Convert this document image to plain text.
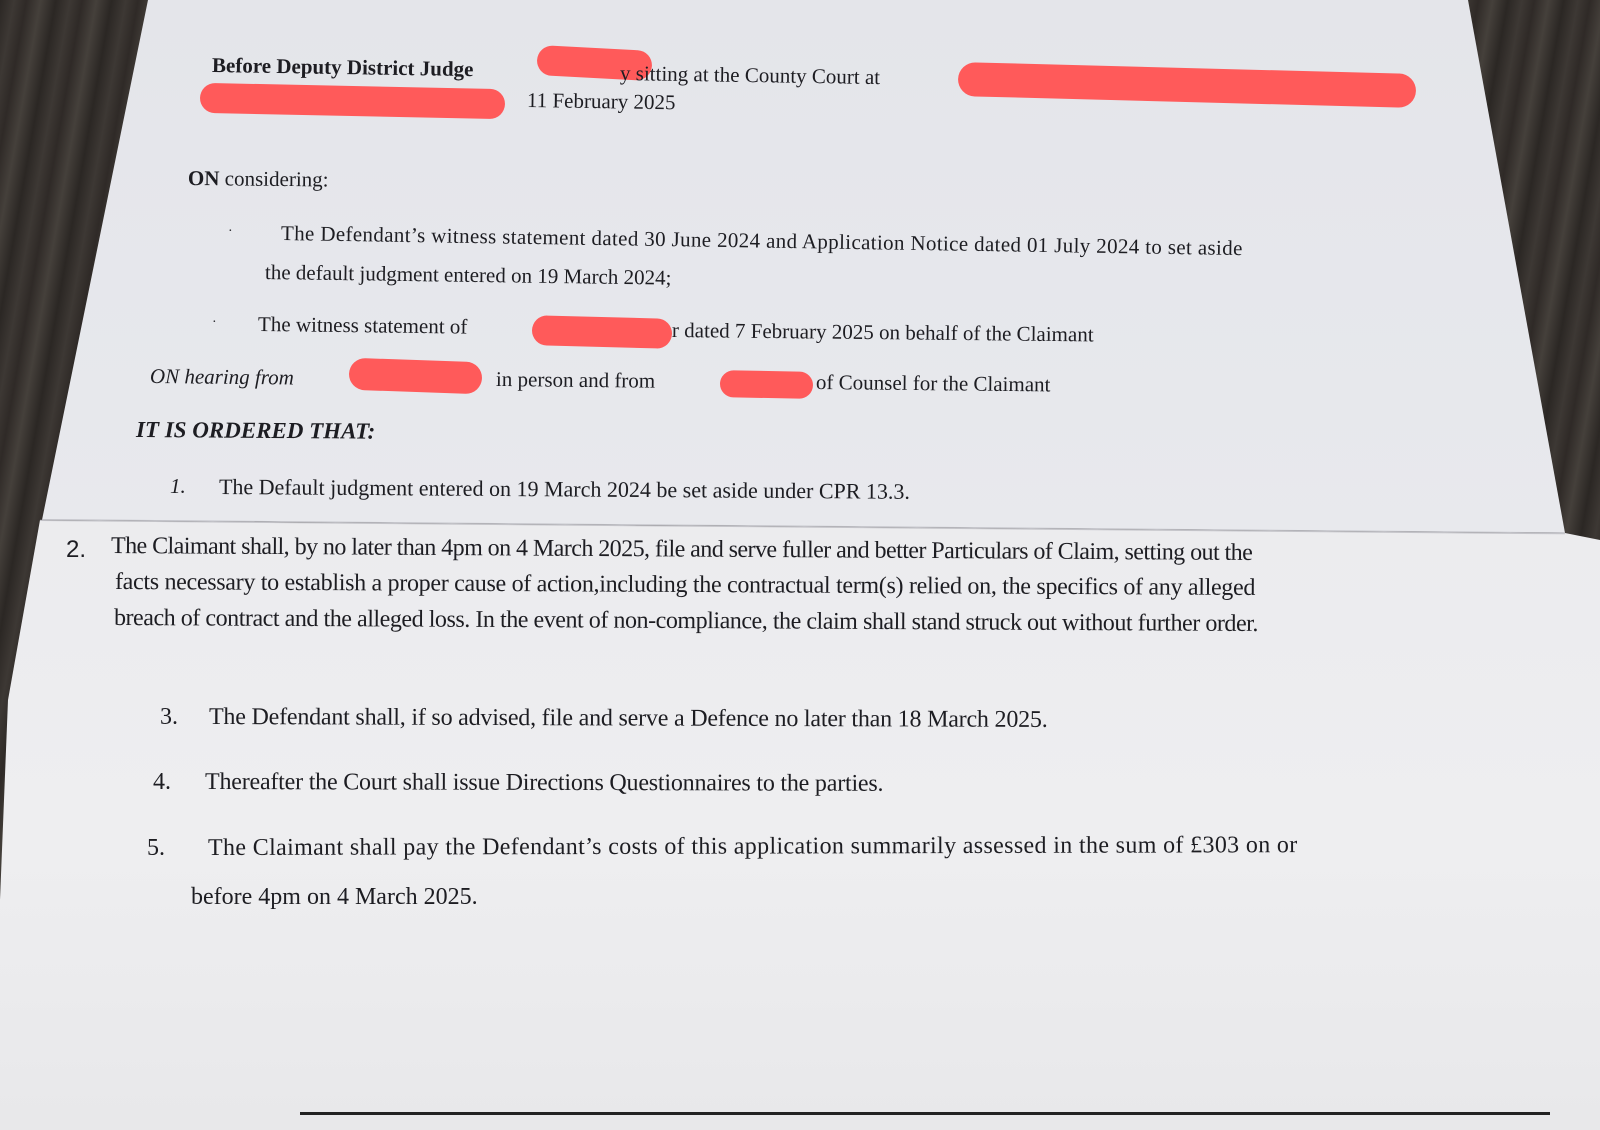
Before Deputy District Judge	y sitting at the County Court at
11 February 2025
ON considering:
· The Defendant’s witness statement dated 30 June 2024 and Application Notice dated 01 July 2024 to set aside
the default judgment entered on 19 March 2024;
· The witness statement of	r dated 7 February 2025 on behalf of the Claimant
ON hearing from	in person and from	of Counsel for the Claimant
IT IS ORDERED THAT:
1. The Default judgment entered on 19 March 2024 be set aside under CPR 13.3.
2. The Claimant shall, by no later than 4pm on 4 March 2025, file and serve fuller and better Particulars of Claim, setting out the
facts necessary to establish a proper cause of action,including the contractual term(s) relied on, the specifics of any alleged
breach of contract and the alleged loss. In the event of non-compliance, the claim shall stand struck out without further order.
3. The Defendant shall, if so advised, file and serve a Defence no later than 18 March 2025.
4. Thereafter the Court shall issue Directions Questionnaires to the parties.
5. The Claimant shall pay the Defendant’s costs of this application summarily assessed in the sum of £303 on or
before 4pm on 4 March 2025.
